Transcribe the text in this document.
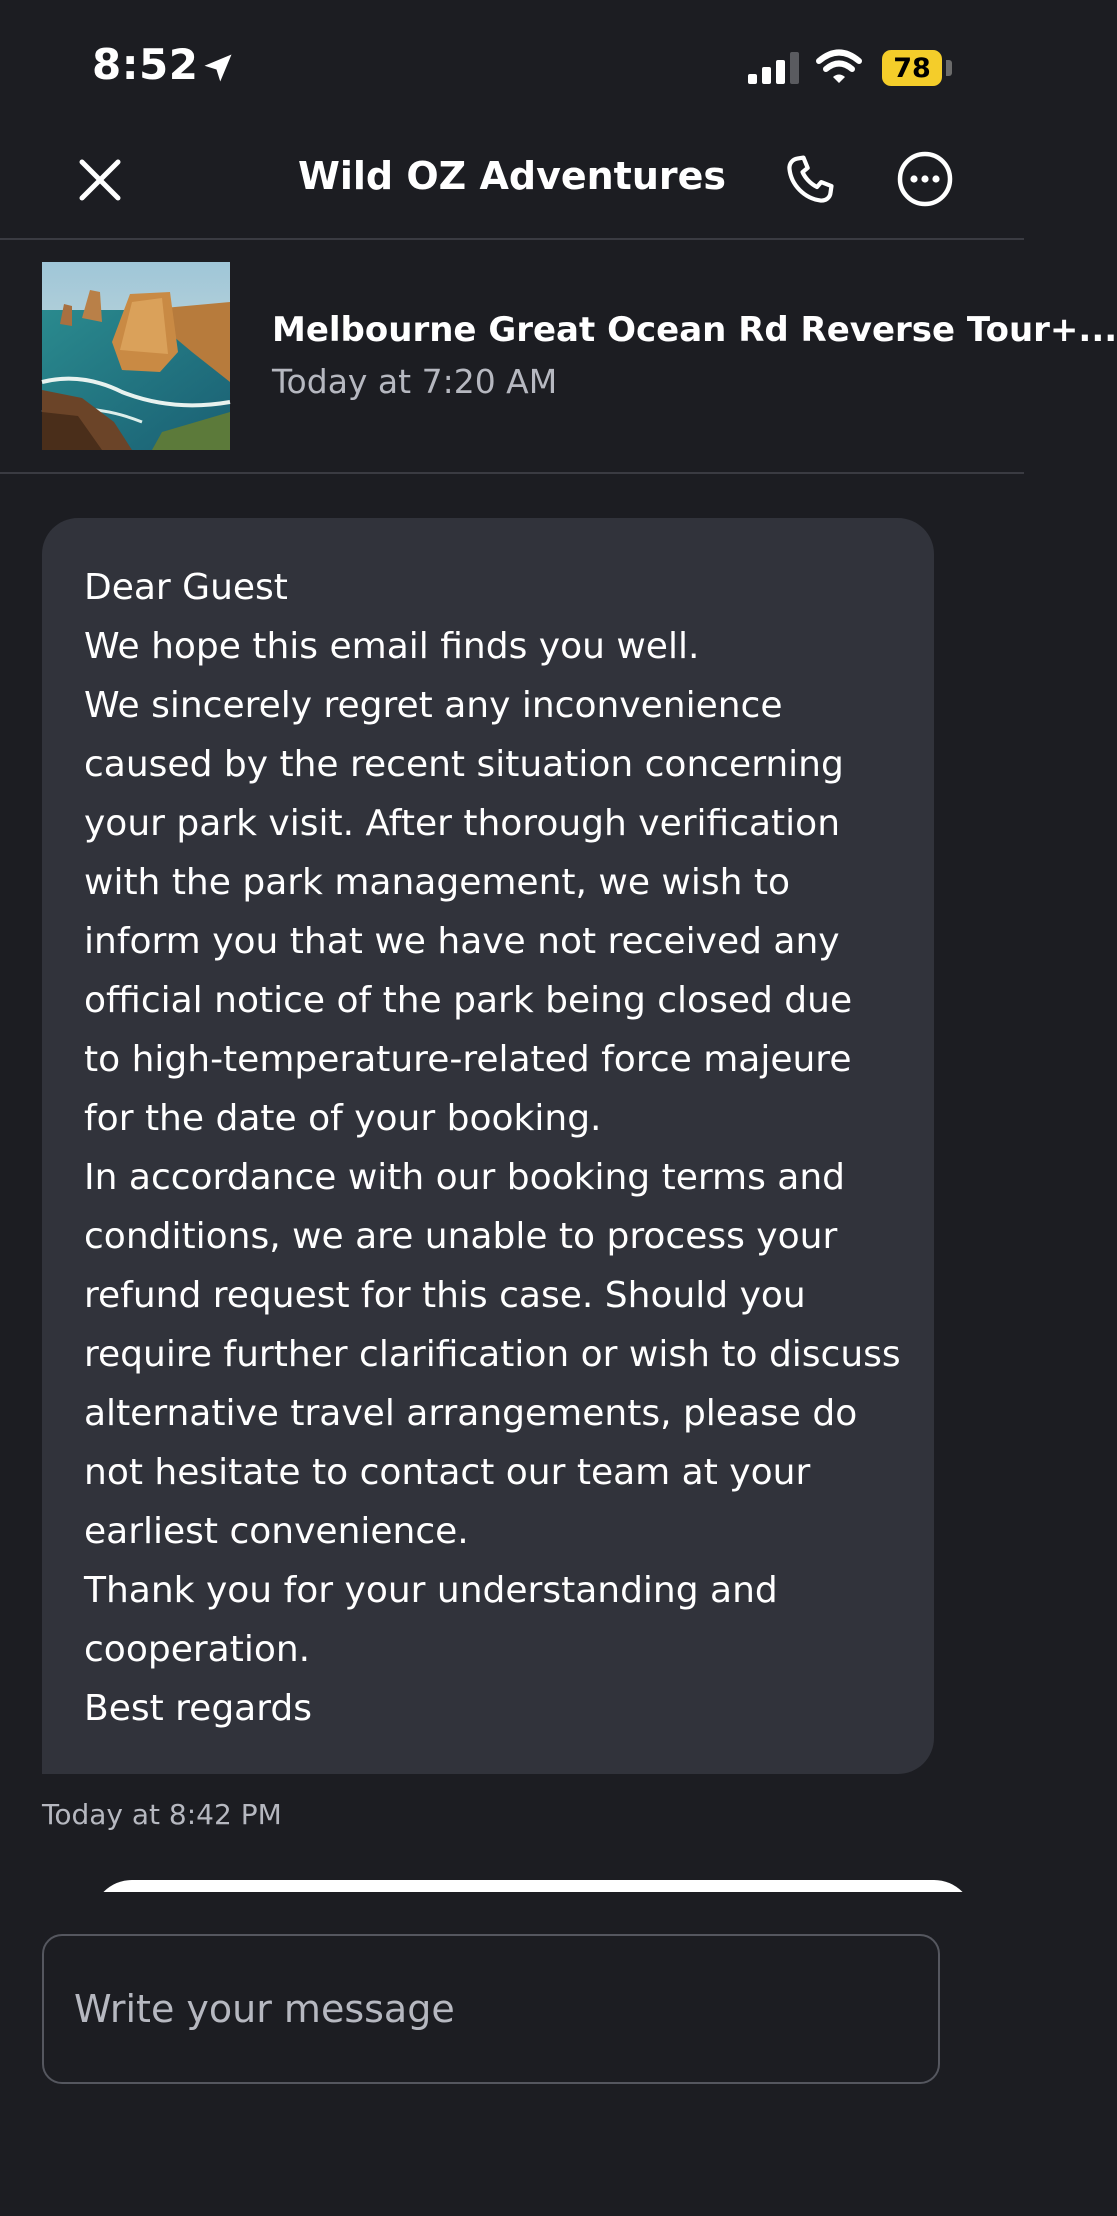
8:52	78
Wild OZ Adventures
Melbourne Great Ocean Rd Reverse Tour+...
Today at 7:20 AM
Dear Guest
We hope this email finds you well.
We sincerely regret any inconvenience
caused by the recent situation concerning
your park visit. After thorough verification
with the park management, we wish to
inform you that we have not received any
official notice of the park being closed due
to high-temperature-related force majeure
for the date of your booking.
In accordance with our booking terms and
conditions, we are unable to process your
refund request for this case. Should you
require further clarification or wish to discuss
alternative travel arrangements, please do
not hesitate to contact our team at your
earliest convenience.
Thank you for your understanding and
cooperation.
Best regards
Today at 8:42 PM
Write your message
